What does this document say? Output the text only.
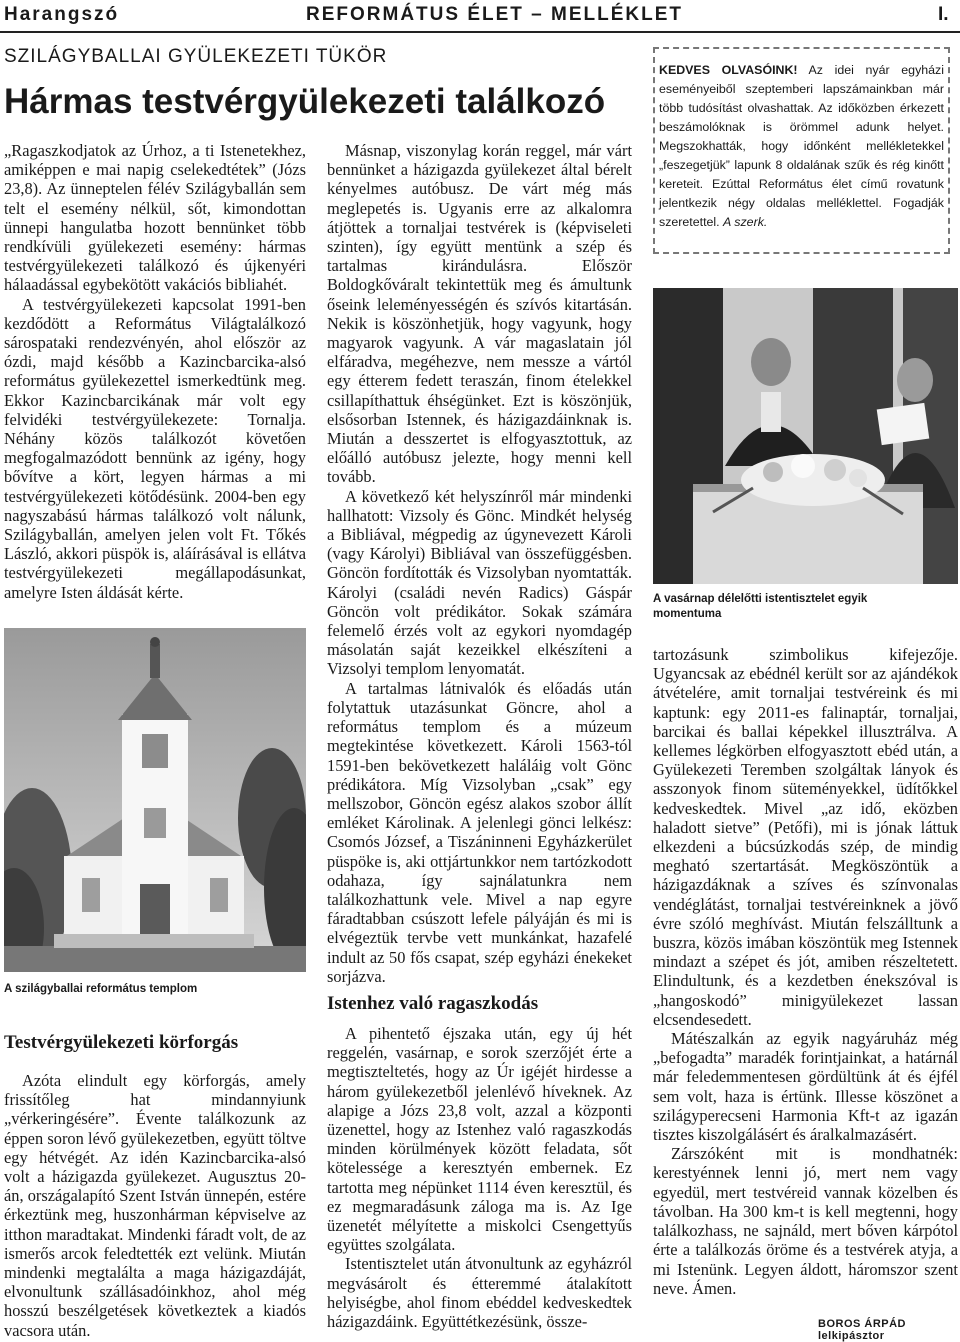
Harangszó	REFORMÁTUS ÉLET – MELLÉKLET	I.
SZILÁGYBALLAI GYÜLEKEZETI TÜKÖR
Hármas testvérgyülekezeti találkozó

„Ragaszkodjatok az Úrhoz, a ti Istenetekhez, amiképpen e mai napig cselekedtétek” (Józs 23,8). Az ünneptelen félév Szilágyballán sem telt el esemény nélkül, sőt, kimondottan ünnepi hangulatba hozott bennünket több rendkívüli gyülekezeti esemény: hármas testvérgyülekezeti találkozó és újkenyéri hálaadással egybekötött vakációs bibliahét.

A testvérgyülekezeti kapcsolat 1991-ben kezdődött a Református Világtalálkozó sárospataki rendezvényén, ahol először az ózdi, majd később a Kazincbarcika-alsó református gyülekezettel ismerkedtünk meg. Ekkor Kazincbarcikának már volt egy felvidéki testvérgyülekezete: Tornalja. Néhány közös találkozót követően megfogalmazódott bennünk az igény, hogy bővítve a kört, legyen hármas a mi testvérgyülekezeti kötődésünk. 2004-ben egy nagyszabású hármas találkozó volt nálunk, Szilágyballán, amelyen jelen volt Ft. Tőkés László, akkori püspök is, aláírásával is ellátva testvérgyülekezeti megállapodásunkat, amelyre Isten áldását kérte.

A szilágyballai református templom
Testvérgyülekezeti körforgás

Azóta elindult egy körforgás, amely frissítőleg hat mindannyiunk „vérkeringésére”. Évente találkozunk az éppen soron lévő gyülekezetben, együtt töltve egy hétvégét. Az idén Kazincbarcika-alsó volt a házigazda gyülekezet. Augusztus 20-án, országalapító Szent István ünnepén, estére érkeztünk meg, huszonhárman képviselve az itthon maradtakat. Mindenki fáradt volt, de az ismerős arcok feledtették ezt velünk. Miután mindenki megtalálta a maga házigazdáját, elvonultunk szállásadóinkhoz, ahol még hosszú beszélgetések következtek a kiadós vacsora után.

Másnap, viszonylag korán reggel, már várt bennünket a házigazda gyülekezet által bérelt kényelmes autóbusz. De várt még más meglepetés is. Ugyanis erre az alkalomra átjöttek a tornaljai testvérek is (képviseleti szinten), így együtt mentünk a szép és tartalmas kirándulásra. Először Boldogkőváralt tekintettük meg és ámultunk őseink leleményességén és szívós kitartásán. Nekik is köszönhetjük, hogy vagyunk, hogy magyarok vagyunk. A vár magaslatain jól elfáradva, megéhezve, nem messze a vártól egy étterem fedett teraszán, finom ételekkel csillapíthattuk éhségünket. Ezt is köszönjük, elsősorban Istennek, és házigazdáinknak is. Miután a desszertet is elfogyasztottuk, az előálló autóbusz jelezte, hogy menni kell tovább.

A következő két helyszínről már mindenki hallhatott: Vizsoly és Gönc. Mindkét helység a Bibliával, mégpedig az úgynevezett Károli (vagy Károlyi) Bibliával van összefüggésben. Göncön fordították és Vizsolyban nyomtatták. Károlyi (családi nevén Radics) Gáspár Göncön volt prédikátor. Sokak számára felemelő érzés volt az egykori nyomdagép másolatán saját kezeikkel elkészíteni a Vizsolyi templom lenyomatát.

A tartalmas látnivalók és előadás után folytattuk utazásunkat Göncre, ahol a református templom és a múzeum megtekintése következett. Károli 1563-tól 1591-ben bekövetkezett haláláig volt Gönc prédikátora. Míg Vizsolyban „csak” egy mellszobor, Göncön egész alakos szobor állít emléket Károlinak. A jelenlegi gönci lelkész: Csomós József, a Tiszáninneni Egyházkerület püspöke is, aki ottjártunkkor nem tartózkodott odahaza, így sajnálatunkra nem találkozhattunk vele. Mivel a nap egyre fáradtabban csúszott lefele pályáján és mi is elvégeztük tervbe vett munkánkat, hazafelé indult az 50 fős csapat, szép egyházi énekeket sorjázva.

A pihentető éjszaka után, egy új hét reggelén, vasárnap, e sorok szerzőjét érte a megtiszteltetés, hogy az Úr igéjét hirdesse a három gyülekezetből jelenlévő híveknek. Az alapige a Józs 23,8 volt, azzal a központi üzenettel, hogy az Istenhez való ragaszkodás minden körülmények között feladata, sőt kötelessége a keresztyén embernek. Ez tartotta meg népünket 1114 éven keresztül, és ez megmaradásunk záloga ma is. Az Ige üzenetét mélyítette a miskolci Csengettyűs együttes szolgálata.

Istentisztelet után átvonultunk az egyházról megvásárolt és étteremmé átalakított helyiségbe, ahol finom ebéddel kedveskedtek házigazdáink. Együttétkezésünk, össze-

Istenhez való ragaszkodás
KEDVES OLVASÓINK! Az idei nyár egyházi eseményeiből szeptemberi lapszámainkban már több tudósítást olvashattak. Az időközben érkezett beszámolóknak is örömmel adunk helyet. Megszokhatták, hogy időnként mellékletekkel „feszegetjük” lapunk 8 oldalának szűk és rég kinőtt kereteit. Ezúttal Református élet című rovatunk jelentkezik négy oldalas melléklettel. Fogadják szeretettel. A szerk.
A vasárnap délelőtti istentisztelet egyik momentuma

tartozásunk szimbolikus kifejezője. Ugyancsak az ebédnél került sor az ajándékok átvételére, amit tornaljai testvéreink és mi kaptunk: egy 2011-es falinaptár, tornaljai, barcikai és ballai képekkel illusztrálva. A kellemes légkörben elfogyasztott ebéd után, a Gyülekezeti Teremben szolgáltak lányok és asszonyok finom süteményekkel, üdítőkkel kedveskedtek. Mivel „az idő, eközben haladott sietve” (Petőfi), mi is jónak láttuk elkezdeni a búcsúzkodás szép, de mindig megható szertartását. Megköszöntük a házigazdáknak a szíves és színvonalas vendéglátást, tornaljai testvéreinknek a jövő évre szóló meghívást. Miután felszálltunk a buszra, közös imában köszöntük meg Istennek mindazt a szépet és jót, amiben részeltetett. Elindultunk, és a kezdetben énekszóval is „hangoskodó” minigyülekezet lassan elcsendesedett.

Mátészalkán az egyik nagyáruház még „befogadta” maradék forintjainkat, a határnál már feledemmentesen gördültünk át és éjfél sem volt, haza is értünk. Illesse köszönet a szilágyperecseni Harmonia Kft-t az igazán tisztes kiszolgálásért és áralkalmazásért.

Zárszóként mit is mondhatnék: kerestyénnek lenni jó, mert nem vagy egyedül, mert testvéreid vannak közelben és távolban. Ha 300 km-t is kell megtenni, hogy találkozhass, ne sajnáld, mert bőven kárpótol érte a találkozás öröme és a testvérek atyja, a mi Istenünk. Legyen áldott, háromszor szent neve. Ámen.

BOROS ÁRPÁD lelkipásztor
